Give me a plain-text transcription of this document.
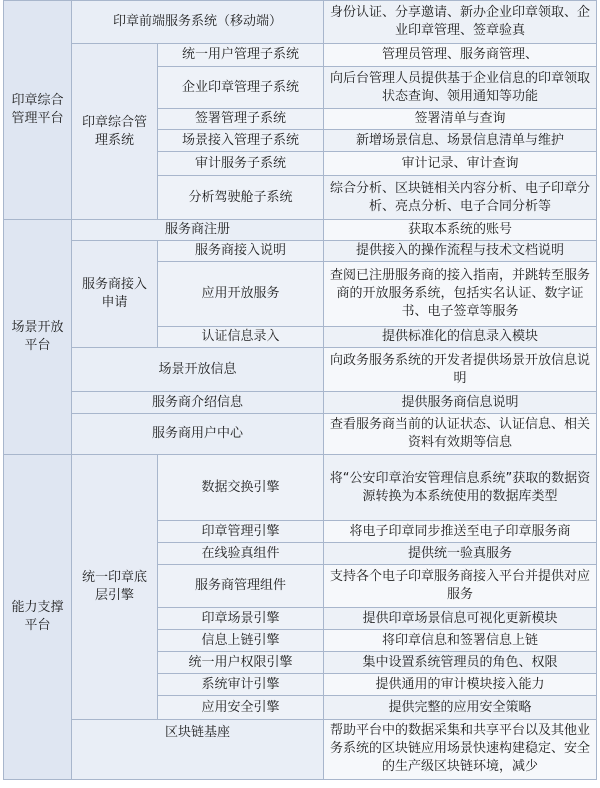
印章综合管理平台	印章前端服务系统（移动端）		身份认证、分享邀请、新办企业印章领取、企业印章管理、签章验真
	印章综合管理系统	统一用户管理子系统	管理员管理、服务商管理、
		企业印章管理子系统	向后台管理人员提供基于企业信息的印章领取状态查询、领用通知等功能
		签署管理子系统	签署清单与查询
		场景接入管理子系统	新增场景信息、场景信息清单与维护
		审计服务子系统	审计记录、审计查询
		分析驾驶舱子系统	综合分析、区块链相关内容分析、电子印章分析、亮点分析、电子合同分析等
场景开放平台	服务商注册		获取本系统的账号
	服务商接入申请	服务商接入说明	提供接入的操作流程与技术文档说明
		应用开放服务	查阅已注册服务商的接入指南，并跳转至服务商的开放服务系统，包括实名认证、数字证书、电子签章等服务
		认证信息录入	提供标准化的信息录入模块
	场景开放信息		向政务服务系统的开发者提供场景开放信息说明
	服务商介绍信息		提供服务商信息说明
	服务商用户中心		查看服务商当前的认证状态、认证信息、相关资料有效期等信息
能力支撑平台	统一印章底层引擎	数据交换引擎	将“公安印章治安管理信息系统”获取的数据资源转换为本系统使用的数据库类型
		印章管理引擎	将电子印章同步推送至电子印章服务商
		在线验真组件	提供统一验真服务
		服务商管理组件	支持各个电子印章服务商接入平台并提供对应服务
		印章场景引擎	提供印章场景信息可视化更新模块
		信息上链引擎	将印章信息和签署信息上链
		统一用户权限引擎	集中设置系统管理员的角色、权限
		系统审计引擎	提供通用的审计模块接入能力
		应用安全引擎	提供完整的应用安全策略
	区块链基座		帮助平台中的数据采集和共享平台以及其他业务系统的区块链应用场景快速构建稳定、安全的生产级区块链环境，减少
